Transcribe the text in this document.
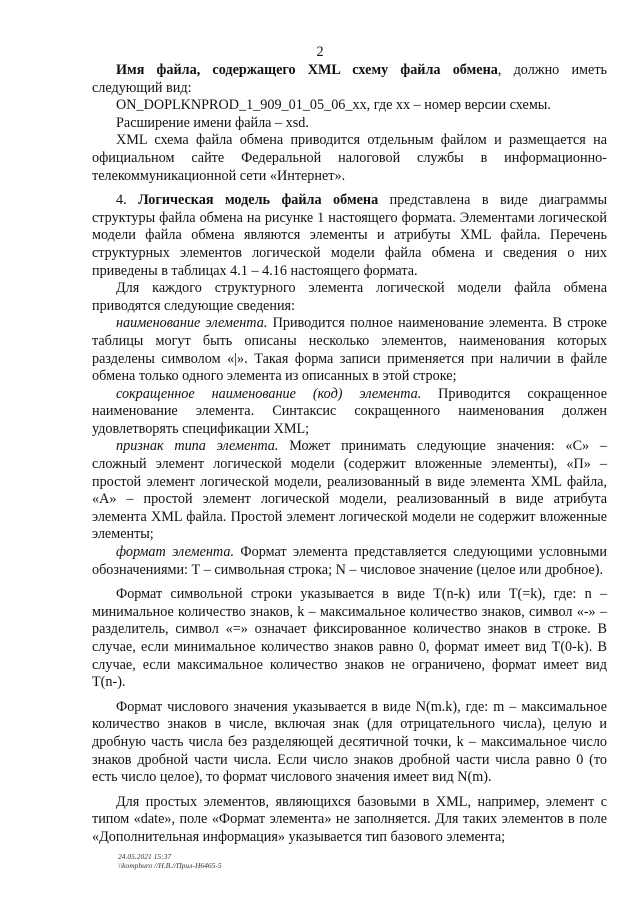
2

Имя файла, содержащего XML схему файла обмена, должно иметь следующий вид:

ON_DOPLKNPROD_1_909_01_05_06_xx, где xx – номер версии схемы.

Расширение имени файла – xsd.

XML схема файла обмена приводится отдельным файлом и размещается на официальном сайте Федеральной налоговой службы в информационно-телекоммуникационной сети «Интернет».

4. Логическая модель файла обмена представлена в виде диаграммы структуры файла обмена на рисунке 1 настоящего формата. Элементами логической модели файла обмена являются элементы и атрибуты XML файла. Перечень структурных элементов логической модели файла обмена и сведения о них приведены в таблицах 4.1 – 4.16 настоящего формата.

Для каждого структурного элемента логической модели файла обмена приводятся следующие сведения:

наименование элемента. Приводится полное наименование элемента. В строке таблицы могут быть описаны несколько элементов, наименования которых разделены символом «|». Такая форма записи применяется при наличии в файле обмена только одного элемента из описанных в этой строке;

сокращенное наименование (код) элемента. Приводится сокращенное наименование элемента. Синтаксис сокращенного наименования должен удовлетворять спецификации XML;

признак типа элемента. Может принимать следующие значения: «С» – сложный элемент логической модели (содержит вложенные элементы), «П» – простой элемент логической модели, реализованный в виде элемента XML файла, «А» – простой элемент логической модели, реализованный в виде атрибута элемента XML файла. Простой элемент логической модели не содержит вложенные элементы;

формат элемента. Формат элемента представляется следующими условными обозначениями: Т – символьная строка; N – числовое значение (целое или дробное).

Формат символьной строки указывается в виде T(n-k) или T(=k), где: n – минимальное количество знаков, k – максимальное количество знаков, символ «-» – разделитель, символ «=» означает фиксированное количество знаков в строке. В случае, если минимальное количество знаков равно 0, формат имеет вид T(0-k). В случае, если максимальное количество знаков не ограничено, формат имеет вид T(n-).

Формат числового значения указывается в виде N(m.k), где: m – максимальное количество знаков в числе, включая знак (для отрицательного числа), целую и дробную часть числа без разделяющей десятичной точки, k – максимальное число знаков дробной части числа. Если число знаков дробной части числа равно 0 (то есть число целое), то формат числового значения имеет вид N(m).

Для простых элементов, являющихся базовыми в XML, например, элемент с типом «date», поле «Формат элемента» не заполняется. Для таких элементов в поле «Дополнительная информация» указывается тип базового элемента;

24.05.2021 15:37
\\kompburo //Н.В.//Прил-Н6465-5
